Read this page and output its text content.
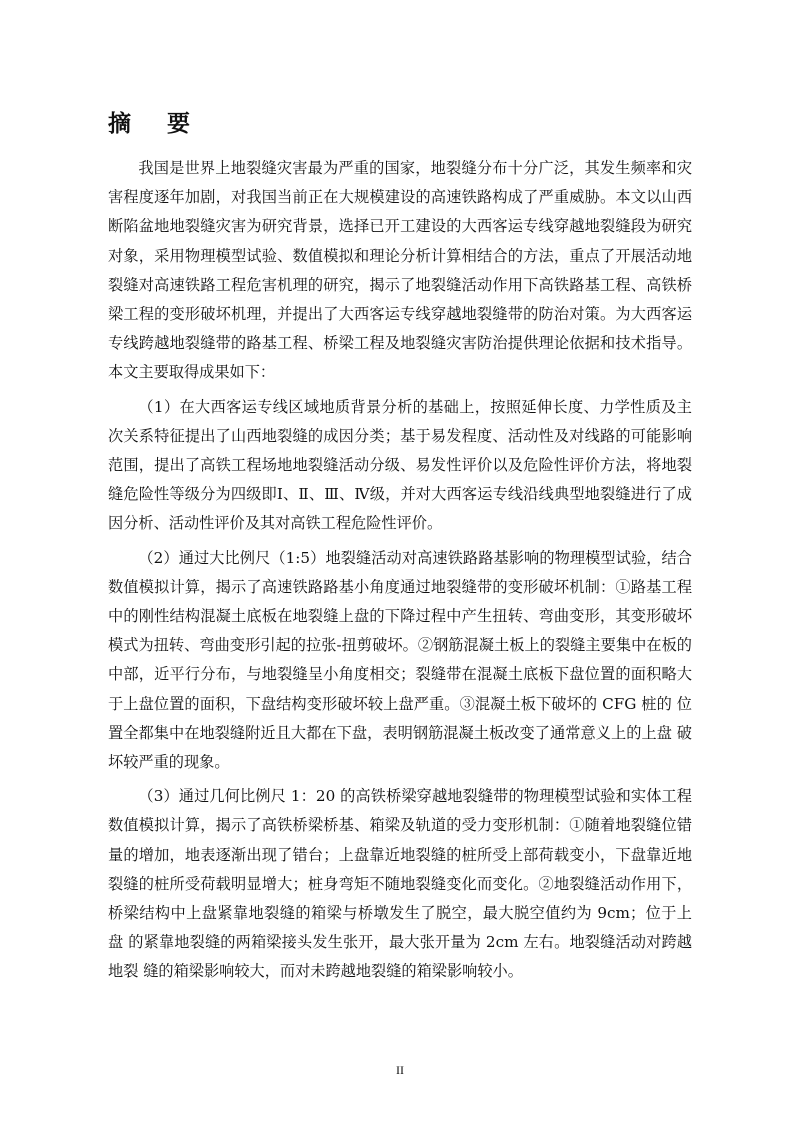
摘 要

我国是世界上地裂缝灾害最为严重的国家，地裂缝分布十分广泛，其发生频率和灾害程度逐年加剧，对我国当前正在大规模建设的高速铁路构成了严重威胁。本文以山西断陷盆地地裂缝灾害为研究背景，选择已开工建设的大西客运专线穿越地裂缝段为研究对象，采用物理模型试验、数值模拟和理论分析计算相结合的方法，重点了开展活动地裂缝对高速铁路工程危害机理的研究，揭示了地裂缝活动作用下高铁路基工程、高铁桥梁工程的变形破坏机理，并提出了大西客运专线穿越地裂缝带的防治对策。为大西客运专线跨越地裂缝带的路基工程、桥梁工程及地裂缝灾害防治提供理论依据和技术指导。本文主要取得成果如下：

（1）在大西客运专线区域地质背景分析的基础上，按照延伸长度、力学性质及主次关系特征提出了山西地裂缝的成因分类；基于易发程度、活动性及对线路的可能影响范围，提出了高铁工程场地地裂缝活动分级、易发性评价以及危险性评价方法，将地裂缝危险性等级分为四级即Ⅰ、Ⅱ、Ⅲ、Ⅳ级，并对大西客运专线沿线典型地裂缝进行了成因分析、活动性评价及其对高铁工程危险性评价。

（2）通过大比例尺（1:5）地裂缝活动对高速铁路路基影响的物理模型试验，结合数值模拟计算，揭示了高速铁路路基小角度通过地裂缝带的变形破坏机制：①路基工程中的刚性结构混凝土底板在地裂缝上盘的下降过程中产生扭转、弯曲变形，其变形破坏模式为扭转、弯曲变形引起的拉张-扭剪破坏。②钢筋混凝土板上的裂缝主要集中在板的中部，近平行分布，与地裂缝呈小角度相交；裂缝带在混凝土底板下盘位置的面积略大于上盘位置的面积，下盘结构变形破坏较上盘严重。③混凝土板下破坏的 CFG 桩的 位置全都集中在地裂缝附近且大都在下盘，表明钢筋混凝土板改变了通常意义上的上盘 破坏较严重的现象。

（3）通过几何比例尺 1：20 的高铁桥梁穿越地裂缝带的物理模型试验和实体工程 数值模拟计算，揭示了高铁桥梁桥基、箱梁及轨道的受力变形机制：①随着地裂缝位错 量的增加，地表逐渐出现了错台；上盘靠近地裂缝的桩所受上部荷载变小，下盘靠近地 裂缝的桩所受荷载明显增大；桩身弯矩不随地裂缝变化而变化。②地裂缝活动作用下， 桥梁结构中上盘紧靠地裂缝的箱梁与桥墩发生了脱空，最大脱空值约为 9cm；位于上盘 的紧靠地裂缝的两箱梁接头发生张开，最大张开量为 2cm 左右。地裂缝活动对跨越地裂 缝的箱梁影响较大，而对未跨越地裂缝的箱梁影响较小。

II
